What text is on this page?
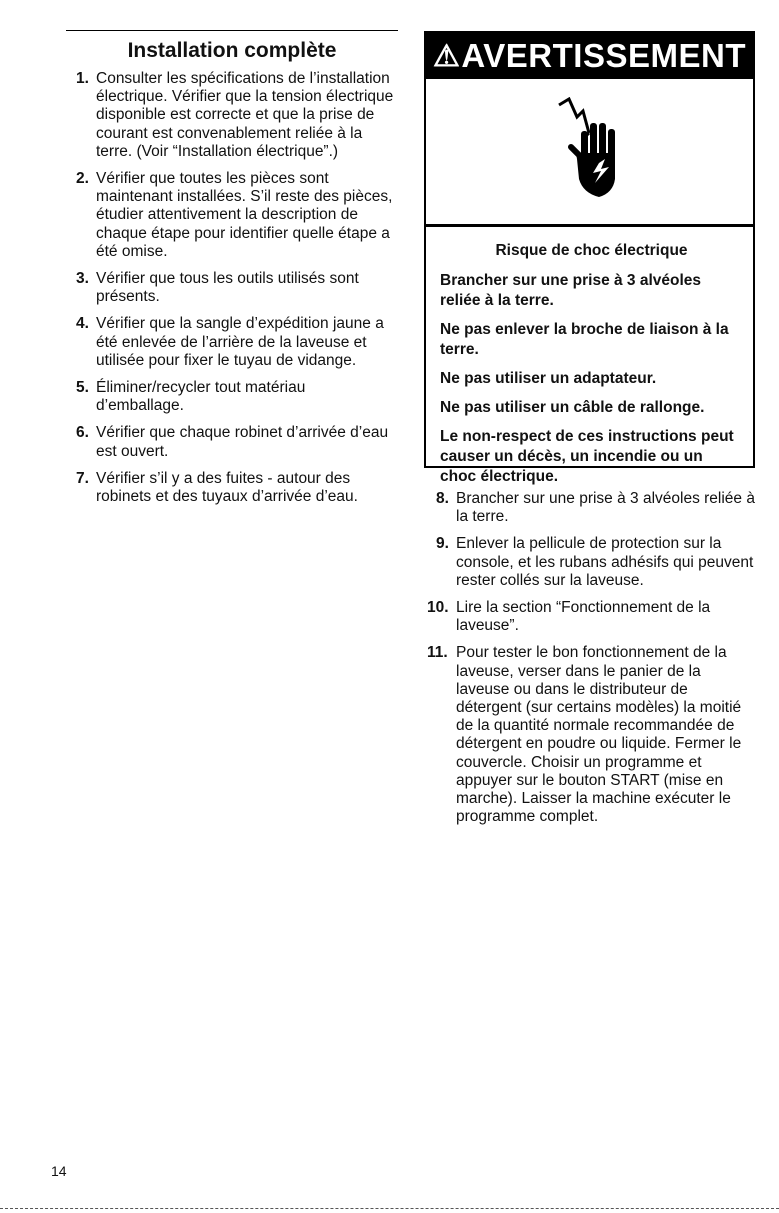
Installation complète
1. Consulter les spécifications de l’installation électrique. Vérifier que la tension électrique disponible est correcte et que la prise de courant est convenablement reliée à la terre. (Voir “Installation électrique”.)
2. Vérifier que toutes les pièces sont maintenant installées. S’il reste des pièces, étudier attentivement la description de chaque étape pour identifier quelle étape a été omise.
3. Vérifier que tous les outils utilisés sont présents.
4. Vérifier que la sangle d’expédition jaune a été enlevée de l’arrière de la laveuse et utilisée pour fixer le tuyau de vidange.
5. Éliminer/recycler tout matériau d’emballage.
6. Vérifier que chaque robinet d’arrivée d’eau est ouvert.
7. Vérifier s’il y a des fuites - autour des robinets et des tuyaux d’arrivée d’eau.
⚠ AVERTISSEMENT
Risque de choc électrique

Brancher sur une prise à 3 alvéoles reliée à la terre.

Ne pas enlever la broche de liaison à la terre.

Ne pas utiliser un adaptateur.

Ne pas utiliser un câble de rallonge.

Le non-respect de ces instructions peut causer un décès, un incendie ou un choc électrique.

8. Brancher sur une prise à 3 alvéoles reliée à la terre.
9. Enlever la pellicule de protection sur la console, et les rubans adhésifs qui peuvent rester collés sur la laveuse.
10. Lire la section “Fonctionnement de la laveuse”.
11. Pour tester le bon fonctionnement de la laveuse, verser dans le panier de la laveuse ou dans le distributeur de détergent (sur certains modèles) la moitié de la quantité normale recommandée de détergent en poudre ou liquide. Fermer le couvercle. Choisir un programme et appuyer sur le bouton START (mise en marche). Laisser la machine exécuter le programme complet.
14
